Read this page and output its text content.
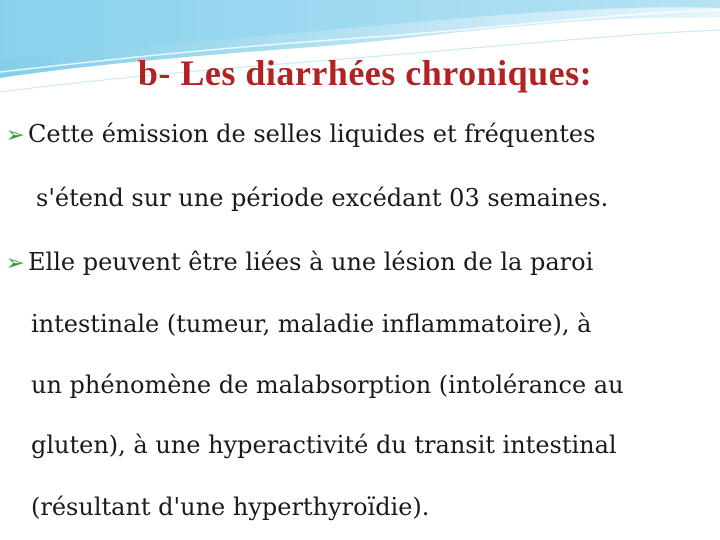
b- Les diarrhées chroniques:
➢ Cette émission de selles liquides et fréquentes
s'étend sur une période excédant 03 semaines.
➢ Elle peuvent être liées à une lésion de la paroi
intestinale (tumeur, maladie inflammatoire), à
un phénomène de malabsorption (intolérance au
gluten), à une hyperactivité du transit intestinal
(résultant d'une hyperthyroïdie).
